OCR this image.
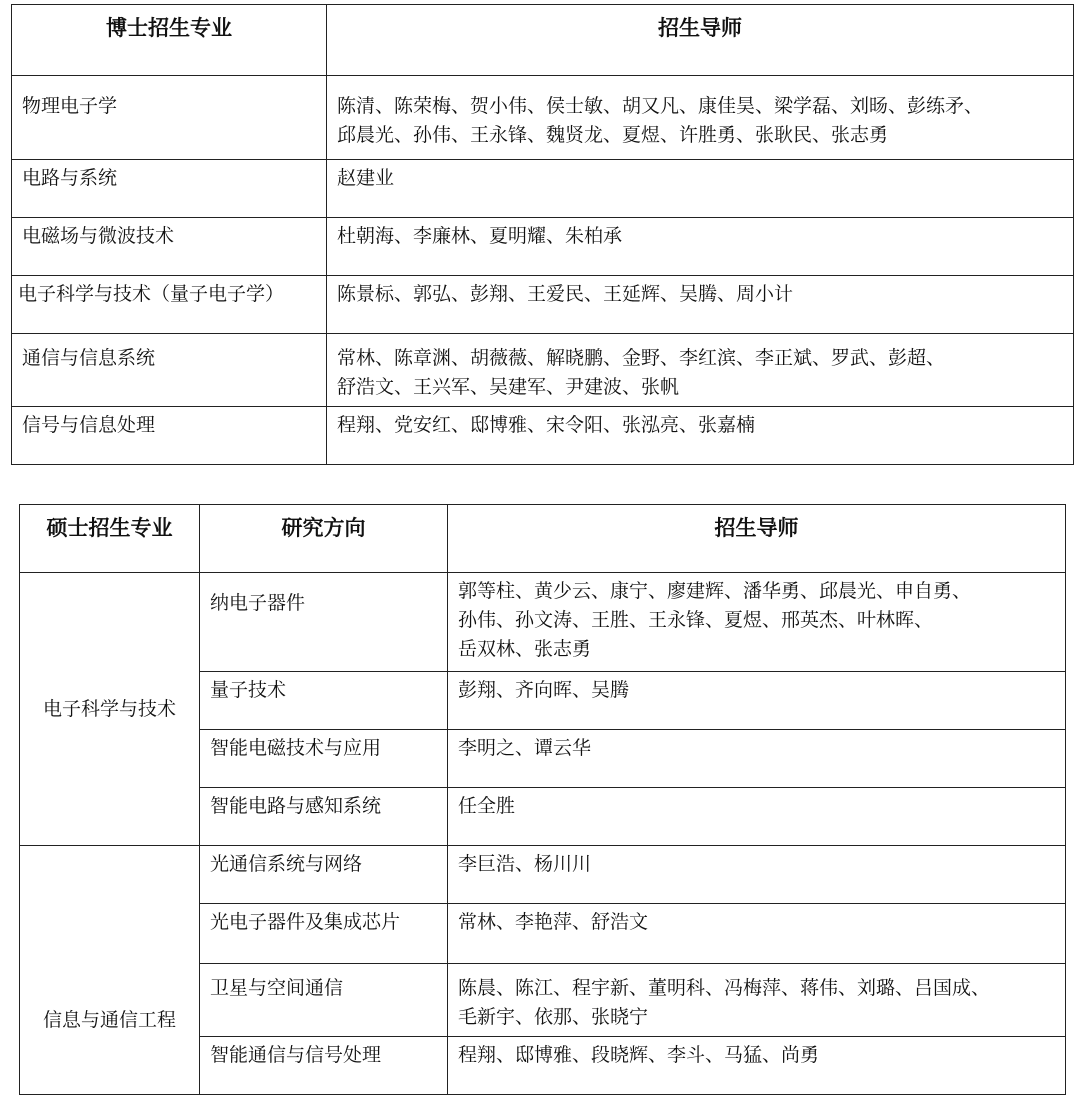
博士招生专业	招生导师
物理电子学	陈清、陈荣梅、贺小伟、侯士敏、胡又凡、康佳昊、梁学磊、刘旸、彭练矛、
邱晨光、孙伟、王永锋、魏贤龙、夏煜、许胜勇、张耿民、张志勇

电路与系统	赵建业

电磁场与微波技术	杜朝海、李廉林、夏明耀、朱柏承

电子科学与技术（量子电子学）	陈景标、郭弘、彭翔、王爱民、王延辉、吴腾、周小计

通信与信息系统	常林、陈章渊、胡薇薇、解晓鹏、金野、李红滨、李正斌、罗武、彭超、
舒浩文、王兴军、吴建军、尹建波、张帆

信号与信息处理	程翔、党安红、邸博雅、宋令阳、张泓亮、张嘉楠
硕士招生专业	研究方向	招生导师
电子科学与技术	纳电子器件	郭等柱、黄少云、康宁、廖建辉、潘华勇、邱晨光、申自勇、
孙伟、孙文涛、王胜、王永锋、夏煜、邢英杰、叶林晖、
岳双林、张志勇

	量子技术	彭翔、齐向晖、吴腾

	智能电磁技术与应用	李明之、谭云华

	智能电路与感知系统	任全胜

信息与通信工程	光通信系统与网络	李巨浩、杨川川

	光电子器件及集成芯片	常林、李艳萍、舒浩文

	卫星与空间通信	陈晨、陈江、程宇新、董明科、冯梅萍、蒋伟、刘璐、吕国成、
毛新宇、依那、张晓宁

	智能通信与信号处理	程翔、邸博雅、段晓辉、李斗、马猛、尚勇
